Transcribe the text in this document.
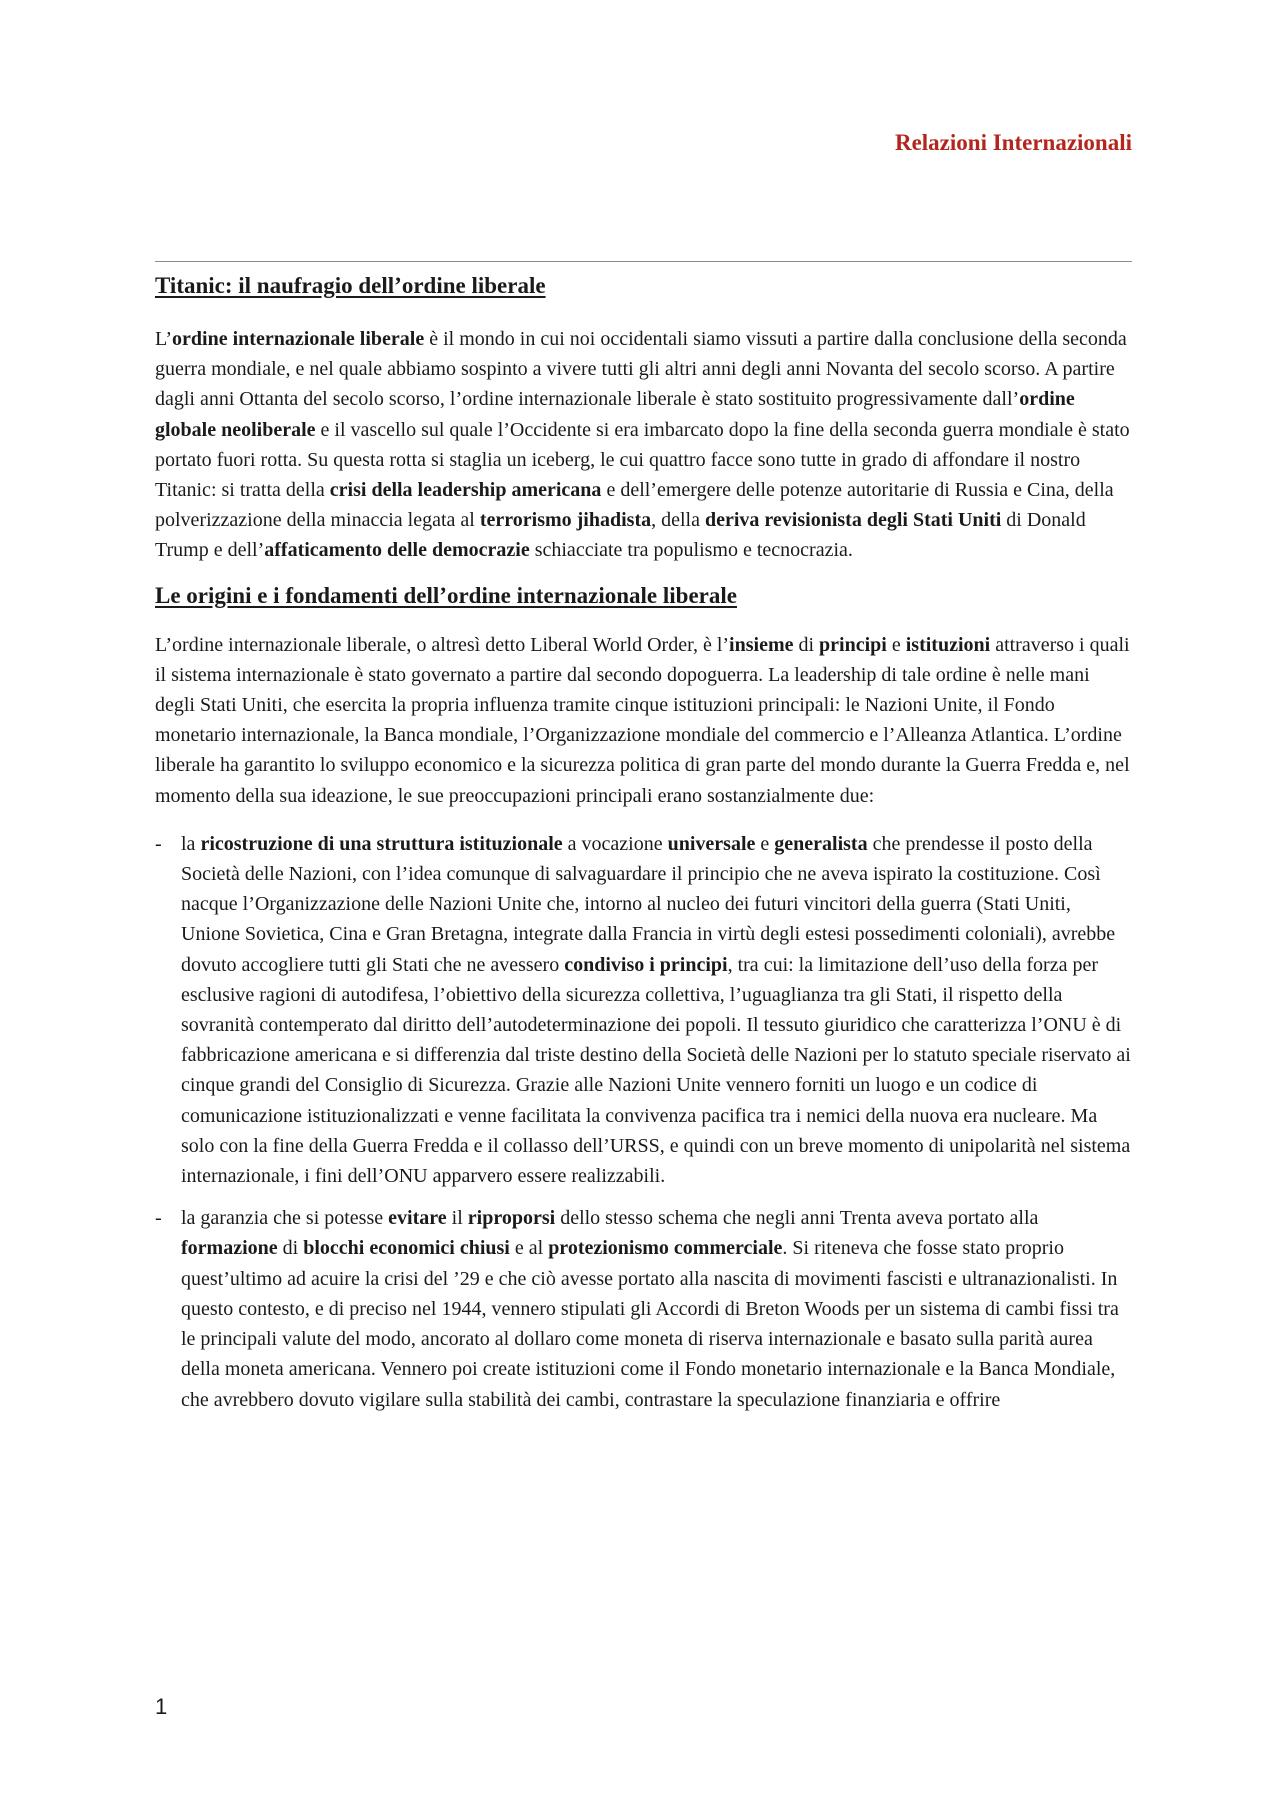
Relazioni Internazionali
Titanic: il naufragio dell’ordine liberale

L’ordine internazionale liberale è il mondo in cui noi occidentali siamo vissuti a partire dalla conclusione della seconda guerra mondiale, e nel quale abbiamo sospinto a vivere tutti gli altri anni degli anni Novanta del secolo scorso. A partire dagli anni Ottanta del secolo scorso, l’ordine internazionale liberale è stato sostituito progressivamente dall’ordine globale neoliberale e il vascello sul quale l’Occidente si era imbarcato dopo la fine della seconda guerra mondiale è stato portato fuori rotta. Su questa rotta si staglia un iceberg, le cui quattro facce sono tutte in grado di affondare il nostro Titanic: si tratta della crisi della leadership americana e dell’emergere delle potenze autoritarie di Russia e Cina, della polverizzazione della minaccia legata al terrorismo jihadista, della deriva revisionista degli Stati Uniti di Donald Trump e dell’affaticamento delle democrazie schiacciate tra populismo e tecnocrazia.

Le origini e i fondamenti dell’ordine internazionale liberale

L’ordine internazionale liberale, o altresì detto Liberal World Order, è l’insieme di principi e istituzioni attraverso i quali il sistema internazionale è stato governato a partire dal secondo dopoguerra. La leadership di tale ordine è nelle mani degli Stati Uniti, che esercita la propria influenza tramite cinque istituzioni principali: le Nazioni Unite, il Fondo monetario internazionale, la Banca mondiale, l’Organizzazione mondiale del commercio e l’Alleanza Atlantica. L’ordine liberale ha garantito lo sviluppo economico e la sicurezza politica di gran parte del mondo durante la Guerra Fredda e, nel momento della sua ideazione, le sue preoccupazioni principali erano sostanzialmente due:

- la ricostruzione di una struttura istituzionale a vocazione universale e generalista che prendesse il posto della Società delle Nazioni, con l’idea comunque di salvaguardare il principio che ne aveva ispirato la costituzione. Così nacque l’Organizzazione delle Nazioni Unite che, intorno al nucleo dei futuri vincitori della guerra (Stati Uniti, Unione Sovietica, Cina e Gran Bretagna, integrate dalla Francia in virtù degli estesi possedimenti coloniali), avrebbe dovuto accogliere tutti gli Stati che ne avessero condiviso i principi, tra cui: la limitazione dell’uso della forza per esclusive ragioni di autodifesa, l’obiettivo della sicurezza collettiva, l’uguaglianza tra gli Stati, il rispetto della sovranità contemperato dal diritto dell’autodeterminazione dei popoli. Il tessuto giuridico che caratterizza l’ONU è di fabbricazione americana e si differenzia dal triste destino della Società delle Nazioni per lo statuto speciale riservato ai cinque grandi del Consiglio di Sicurezza. Grazie alle Nazioni Unite vennero forniti un luogo e un codice di comunicazione istituzionalizzati e venne facilitata la convivenza pacifica tra i nemici della nuova era nucleare. Ma solo con la fine della Guerra Fredda e il collasso dell’URSS, e quindi con un breve momento di unipolarità nel sistema internazionale, i fini dell’ONU apparvero essere realizzabili.

- la garanzia che si potesse evitare il riproporsi dello stesso schema che negli anni Trenta aveva portato alla formazione di blocchi economici chiusi e al protezionismo commerciale. Si riteneva che fosse stato proprio quest’ultimo ad acuire la crisi del ’29 e che ciò avesse portato alla nascita di movimenti fascisti e ultranazionalisti. In questo contesto, e di preciso nel 1944, vennero stipulati gli Accordi di Breton Woods per un sistema di cambi fissi tra le principali valute del modo, ancorato al dollaro come moneta di riserva internazionale e basato sulla parità aurea della moneta americana. Vennero poi create istituzioni come il Fondo monetario internazionale e la Banca Mondiale, che avrebbero dovuto vigilare sulla stabilità dei cambi, contrastare la speculazione finanziaria e offrire

1
